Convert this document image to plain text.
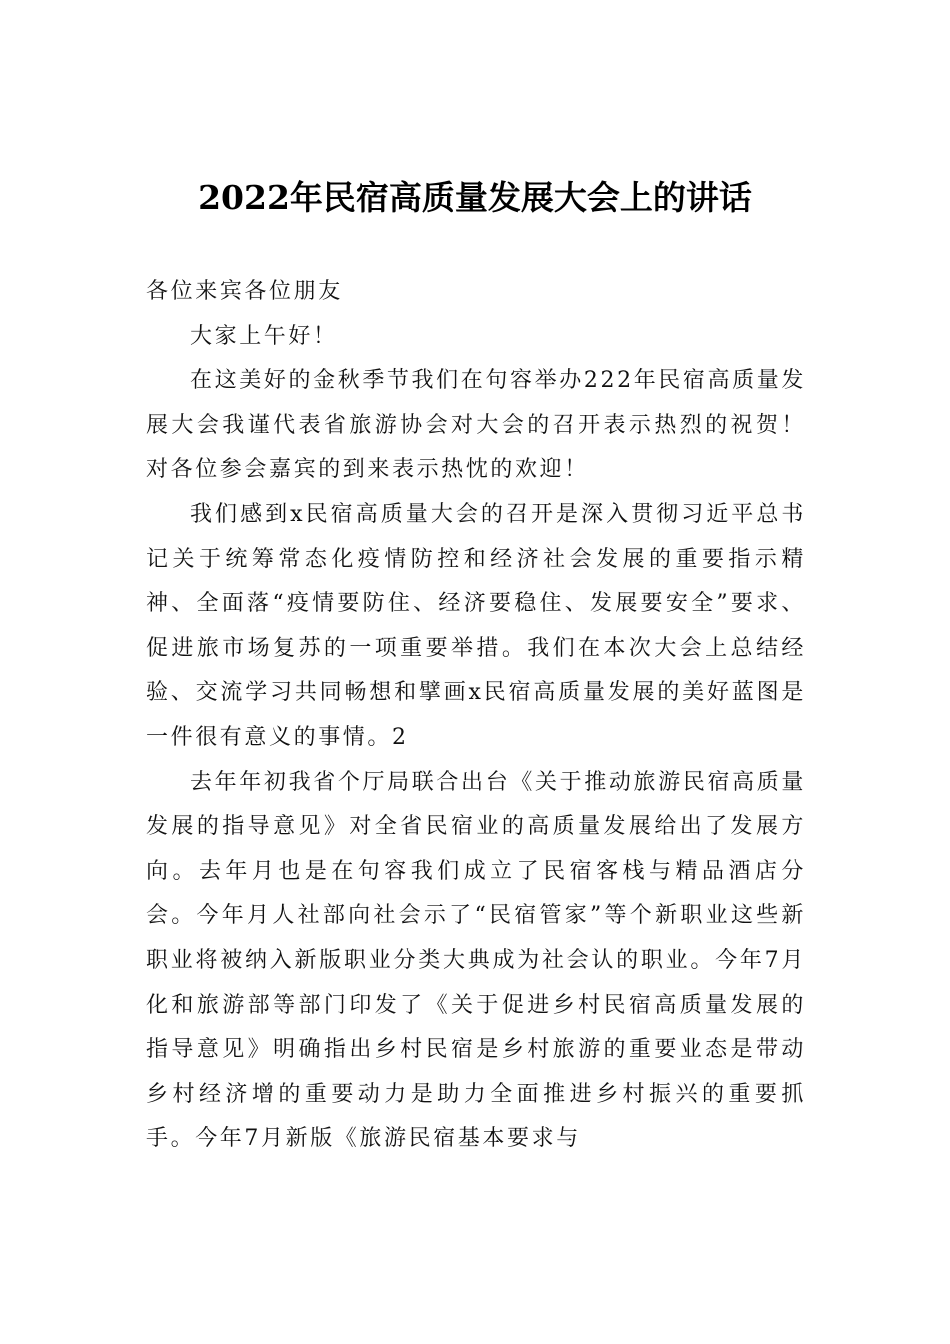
2022年民宿高质量发展大会上的讲话

各位来宾各位朋友

大家上午好！

在这美好的金秋季节我们在句容举办222年民宿高质量发展大会我谨代表省旅游协会对大会的召开表示热烈的祝贺！对各位参会嘉宾的到来表示热忱的欢迎！

我们感到x民宿高质量大会的召开是深入贯彻习近平总书记关于统筹常态化疫情防控和经济社会发展的重要指示精神、全面落“疫情要防住、经济要稳住、发展要安全”要求、促进旅市场复苏的一项重要举措。我们在本次大会上总结经验、交流学习共同畅想和擘画x民宿高质量发展的美好蓝图是一件很有意义的事情。2

去年年初我省个厅局联合出台《关于推动旅游民宿高质量发展的指导意见》对全省民宿业的高质量发展给出了发展方向。去年月也是在句容我们成立了民宿客栈与精品酒店分会。今年月人社部向社会示了“民宿管家”等个新职业这些新职业将被纳入新版职业分类大典成为社会认的职业。今年7月化和旅游部等部门印发了《关于促进乡村民宿高质量发展的指导意见》明确指出乡村民宿是乡村旅游的重要业态是带动乡村经济增的重要动力是助力全面推进乡村振兴的重要抓手。今年7月新版《旅游民宿基本要求与
